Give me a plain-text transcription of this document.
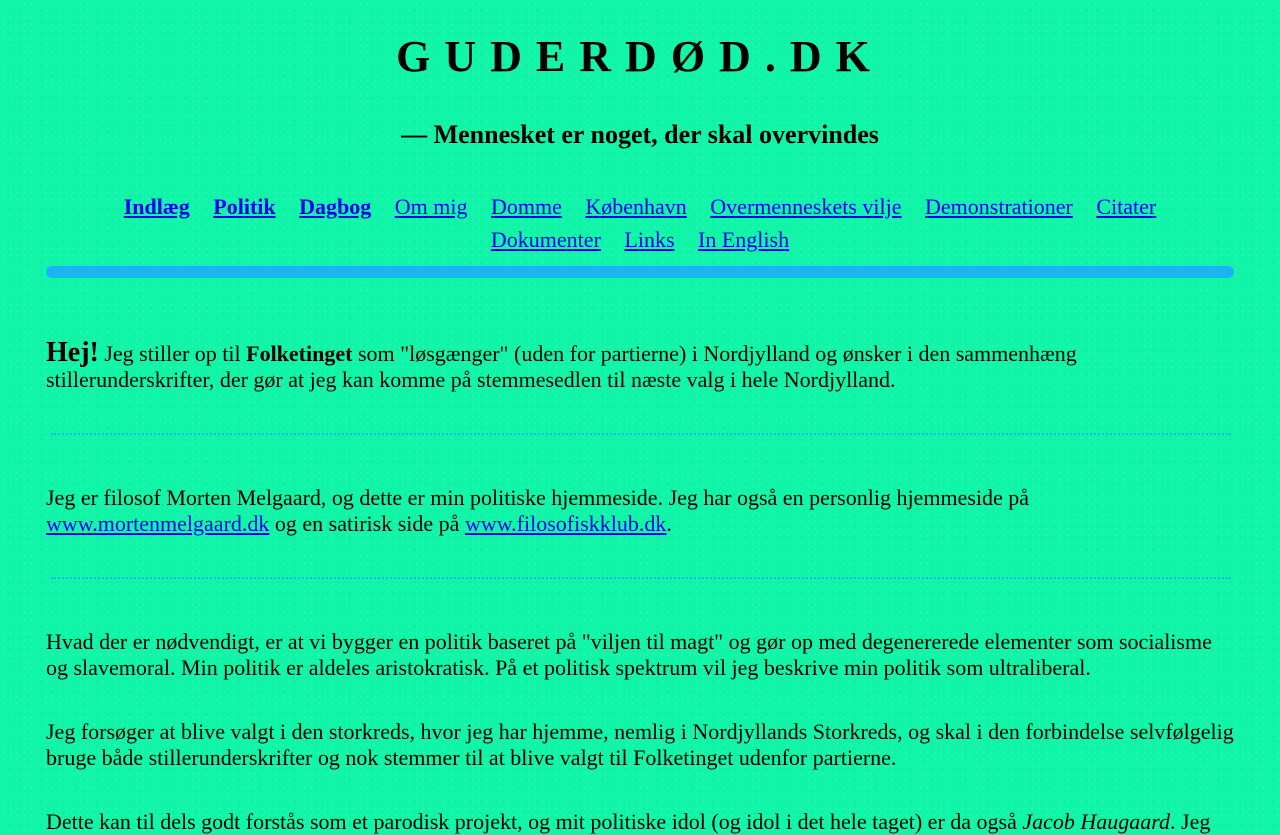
GUDERDØD.DK
— Mennesket er noget, der skal overvindes
Indlæg Politik Dagbog Om mig Domme København Overmenneskets vilje Demonstrationer Citater
Dokumenter Links In English

Hej! Jeg stiller op til Folketinget som "løsgænger" (uden for partierne) i Nordjylland og ønsker i den sammenhæng stillerunderskrifter, der gør at jeg kan komme på stemmesedlen til næste valg i hele Nordjylland.

Jeg er filosof Morten Melgaard, og dette er min politiske hjemmeside. Jeg har også en personlig hjemmeside på www.mortenmelgaard.dk og en satirisk side på www.filosofiskklub.dk.

Hvad der er nødvendigt, er at vi bygger en politik baseret på "viljen til magt" og gør op med degenererede elementer som socialisme og slavemoral. Min politik er aldeles aristokratisk. På et politisk spektrum vil jeg beskrive min politik som ultraliberal.

Jeg forsøger at blive valgt i den storkreds, hvor jeg har hjemme, nemlig i Nordjyllands Storkreds, og skal i den forbindelse selvfølgelig bruge både stillerunderskrifter og nok stemmer til at blive valgt til Folketinget udenfor partierne.

Dette kan til dels godt forstås som et parodisk projekt, og mit politiske idol (og idol i det hele taget) er da også Jacob Haugaard. Jeg
